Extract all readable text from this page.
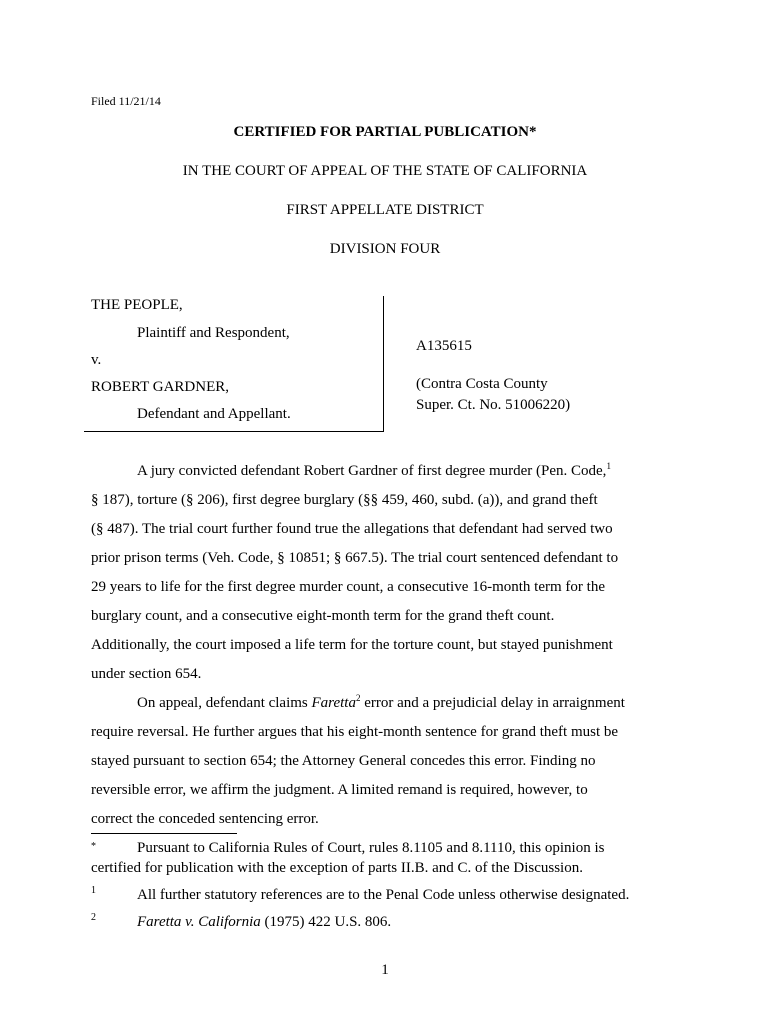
Filed 11/21/14
CERTIFIED FOR PARTIAL PUBLICATION*
IN THE COURT OF APPEAL OF THE STATE OF CALIFORNIA
FIRST APPELLATE DISTRICT
DIVISION FOUR
THE PEOPLE,
Plaintiff and Respondent,
v.
ROBERT GARDNER,
Defendant and Appellant.
A135615
(Contra Costa County
Super. Ct. No. 51006220)
A jury convicted defendant Robert Gardner of first degree murder (Pen. Code,$^1$
§ 187), torture (§ 206), first degree burglary (§§ 459, 460, subd. (a)), and grand theft
(§ 487). The trial court further found true the allegations that defendant had served two
prior prison terms (Veh. Code, § 10851; § 667.5). The trial court sentenced defendant to
29 years to life for the first degree murder count, a consecutive 16-month term for the
burglary count, and a consecutive eight-month term for the grand theft count.
Additionally, the court imposed a life term for the torture count, but stayed punishment
under section 654.
On appeal, defendant claims Faretta$^2$ error and a prejudicial delay in arraignment
require reversal. He further argues that his eight-month sentence for grand theft must be
stayed pursuant to section 654; the Attorney General concedes this error. Finding no
reversible error, we affirm the judgment. A limited remand is required, however, to
correct the conceded sentencing error.
*	Pursuant to California Rules of Court, rules 8.1105 and 8.1110, this opinion is
certified for publication with the exception of parts II.B. and C. of the Discussion.
1	All further statutory references are to the Penal Code unless otherwise designated.
2	Faretta v. California (1975) 422 U.S. 806.
1
